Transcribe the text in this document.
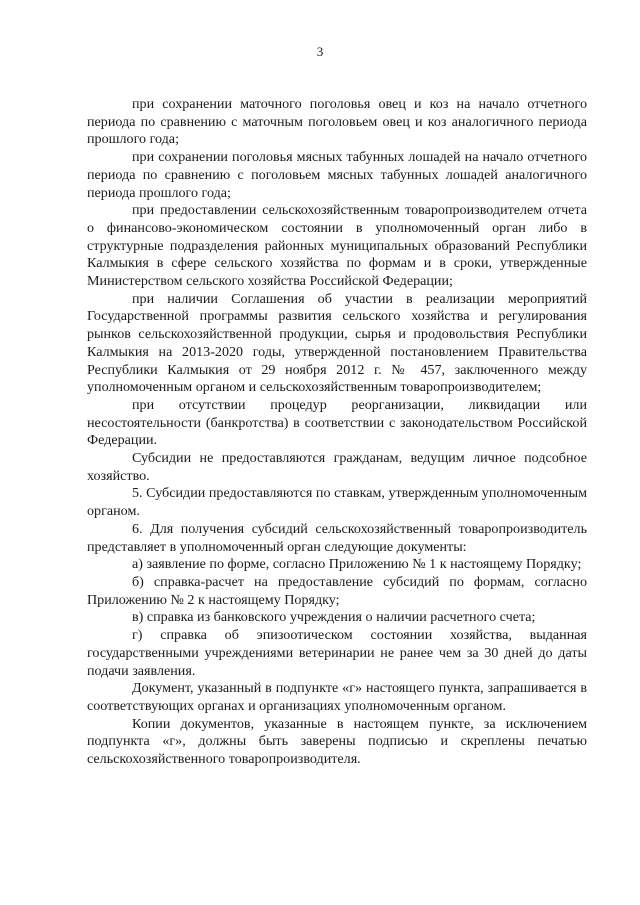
3

при сохранении маточного поголовья овец и коз на начало отчетного периода по сравнению с маточным поголовьем овец и коз аналогичного периода прошлого года;

при сохранении поголовья мясных табунных лошадей на начало отчетного периода по сравнению с поголовьем мясных табунных лошадей аналогичного периода прошлого года;

при предоставлении сельскохозяйственным товаропроизводителем отчета о финансово-экономическом состоянии в уполномоченный орган либо в структурные подразделения районных муниципальных образований Республики Калмыкия в сфере сельского хозяйства по формам и в сроки, утвержденные Министерством сельского хозяйства Российской Федерации;

при наличии Соглашения об участии в реализации мероприятий Государственной программы развития сельского хозяйства и регулирования рынков сельскохозяйственной продукции, сырья и продовольствия Республики Калмыкия на 2013-2020 годы, утвержденной постановлением Правительства Республики Калмыкия от 29 ноября 2012 г. № 457, заключенного между уполномоченным органом и сельскохозяйственным товаропроизводителем;

при отсутствии процедур реорганизации, ликвидации или несостоятельности (банкротства) в соответствии с законодательством Российской Федерации.

Субсидии не предоставляются гражданам, ведущим личное подсобное хозяйство.

5. Субсидии предоставляются по ставкам, утвержденным уполномоченным органом.

6. Для получения субсидий сельскохозяйственный товаропроизводитель представляет в уполномоченный орган следующие документы:

а) заявление по форме, согласно Приложению № 1 к настоящему Порядку;

б) справка-расчет на предоставление субсидий по формам, согласно Приложению № 2 к настоящему Порядку;

в) справка из банковского учреждения о наличии расчетного счета;

г) справка об эпизоотическом состоянии хозяйства, выданная государственными учреждениями ветеринарии не ранее чем за 30 дней до даты подачи заявления.

Документ, указанный в подпункте «г» настоящего пункта, запрашивается в соответствующих органах и организациях уполномоченным органом.

Копии документов, указанные в настоящем пункте, за исключением подпункта «г», должны быть заверены подписью и скреплены печатью сельскохозяйственного товаропроизводителя.
